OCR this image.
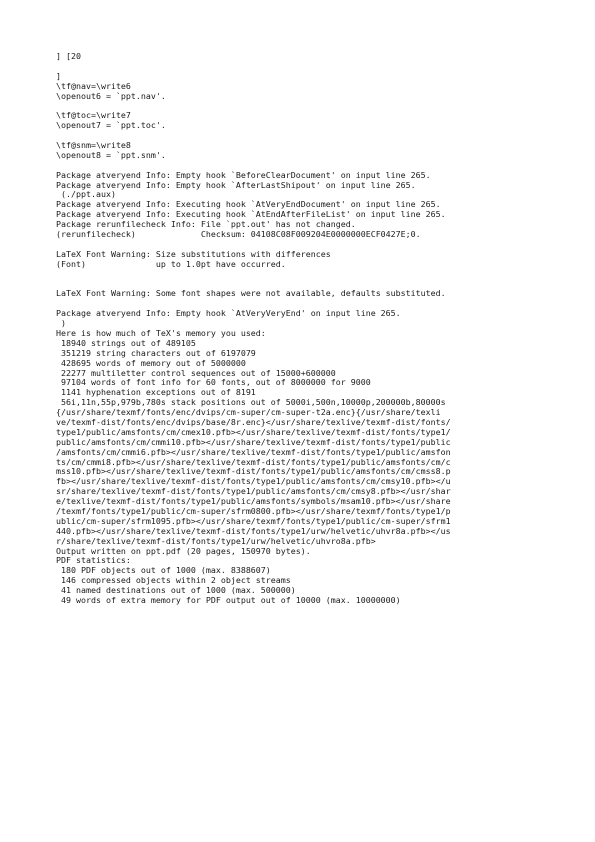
] [20
]
\tf@nav=\write6
\openout6 = `ppt.nav'.
\tf@toc=\write7
\openout7 = `ppt.toc'.
\tf@snm=\write8
\openout8 = `ppt.snm'.
Package atveryend Info: Empty hook `BeforeClearDocument' on input line 265.
Package atveryend Info: Empty hook `AfterLastShipout' on input line 265.
(./ppt.aux)
Package atveryend Info: Executing hook `AtVeryEndDocument' on input line 265.
Package atveryend Info: Executing hook `AtEndAfterFileList' on input line 265.
Package rerunfilecheck Info: File `ppt.out' has not changed.
(rerunfilecheck)             Checksum: 04108C08F009204E0000000ECF0427E;0.
LaTeX Font Warning: Size substitutions with differences
(Font)              up to 1.0pt have occurred.
LaTeX Font Warning: Some font shapes were not available, defaults substituted.
Package atveryend Info: Empty hook `AtVeryVeryEnd' on input line 265.
)
Here is how much of TeX's memory you used:
18940 strings out of 489105
351219 string characters out of 6197079
428695 words of memory out of 5000000
22277 multiletter control sequences out of 15000+600000
97104 words of font info for 60 fonts, out of 8000000 for 9000
1141 hyphenation exceptions out of 8191
56i,11n,55p,979b,780s stack positions out of 5000i,500n,10000p,200000b,80000s
{/usr/share/texmf/fonts/enc/dvips/cm-super/cm-super-t2a.enc}{/usr/share/texli
ve/texmf-dist/fonts/enc/dvips/base/8r.enc}</usr/share/texlive/texmf-dist/fonts/
type1/public/amsfonts/cm/cmex10.pfb></usr/share/texlive/texmf-dist/fonts/type1/
public/amsfonts/cm/cmmi10.pfb></usr/share/texlive/texmf-dist/fonts/type1/public
/amsfonts/cm/cmmi6.pfb></usr/share/texlive/texmf-dist/fonts/type1/public/amsfon
ts/cm/cmmi8.pfb></usr/share/texlive/texmf-dist/fonts/type1/public/amsfonts/cm/c
mss10.pfb></usr/share/texlive/texmf-dist/fonts/type1/public/amsfonts/cm/cmss8.p
fb></usr/share/texlive/texmf-dist/fonts/type1/public/amsfonts/cm/cmsy10.pfb></u
sr/share/texlive/texmf-dist/fonts/type1/public/amsfonts/cm/cmsy8.pfb></usr/shar
e/texlive/texmf-dist/fonts/type1/public/amsfonts/symbols/msam10.pfb></usr/share
/texmf/fonts/type1/public/cm-super/sfrm0800.pfb></usr/share/texmf/fonts/type1/p
ublic/cm-super/sfrm1095.pfb></usr/share/texmf/fonts/type1/public/cm-super/sfrm1
440.pfb></usr/share/texlive/texmf-dist/fonts/type1/urw/helvetic/uhvr8a.pfb></us
r/share/texlive/texmf-dist/fonts/type1/urw/helvetic/uhvro8a.pfb>
Output written on ppt.pdf (20 pages, 150970 bytes).
PDF statistics:
180 PDF objects out of 1000 (max. 8388607)
146 compressed objects within 2 object streams
41 named destinations out of 1000 (max. 500000)
49 words of extra memory for PDF output out of 10000 (max. 10000000)
